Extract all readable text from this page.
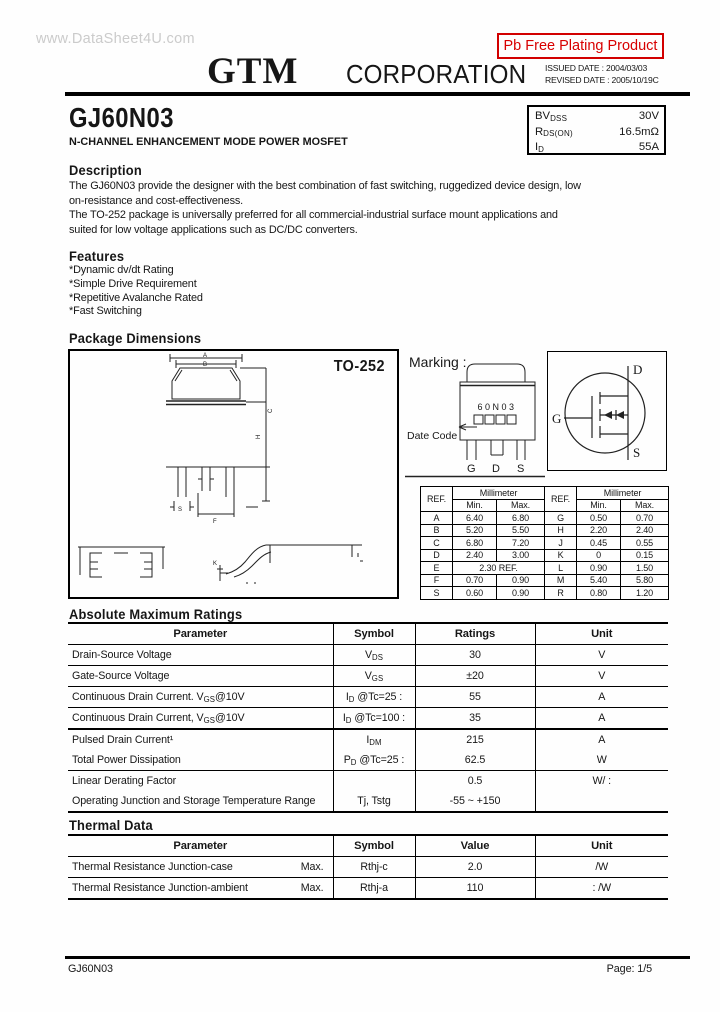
www.DataSheet4U.com
GTM CORPORATION
Pb Free Plating Product
ISSUED DATE : 2004/03/03
REVISED DATE : 2005/10/19C
GJ60N03
N-CHANNEL ENHANCEMENT MODE POWER MOSFET
BVDSS	30V
RDS(ON)	16.5mΩ
ID	55A
Description
The GJ60N03 provide the designer with the best combination of fast switching, ruggedized device design, low
on-resistance and cost-effectiveness.
The TO-252 package is universally preferred for all commercial-industrial surface mount applications and
suited for low voltage applications such as DC/DC converters.
Features
*Dynamic dv/dt Rating
*Simple Drive Requirement
*Repetitive Avalanche Rated
*Fast Switching
Package Dimensions
TO-252
A
B
H
C
S
F
K
Marking :
60N03
Date Code
G D S
D
G
S
REF.	Millimeter		REF.	Millimeter	
	Min.	Max.		Min.	Max.
A	6.40	6.80	G	0.50	0.70
B	5.20	5.50	H	2.20	2.40
C	6.80	7.20	J	0.45	0.55
D	2.40	3.00	K	0	0.15
E	2.30 REF.		L	0.90	1.50
F	0.70	0.90	M	5.40	5.80
S	0.60	0.90	R	0.80	1.20
Absolute Maximum Ratings
Parameter	Symbol	Ratings	Unit
Drain-Source Voltage	VDS	30	V
Gate-Source Voltage	VGS	±20	V
Continuous Drain Current. VGS@10V	ID @Tc=25 :	55	A
Continuous Drain Current, VGS@10V	ID @Tc=100 :	35	A
Pulsed Drain Current¹	IDM	215	A
Total Power Dissipation	PD @Tc=25 :	62.5	W
Linear Derating Factor		0.5	W/ :
Operating Junction and Storage Temperature Range	Tj, Tstg	-55 ~ +150	
Thermal Data
Parameter	Symbol	Value	Unit
Thermal Resistance Junction-case Max.	Rthj-c	2.0	/W
Thermal Resistance Junction-ambient Max.	Rthj-a	110	: /W
GJ60N03	Page: 1/5
